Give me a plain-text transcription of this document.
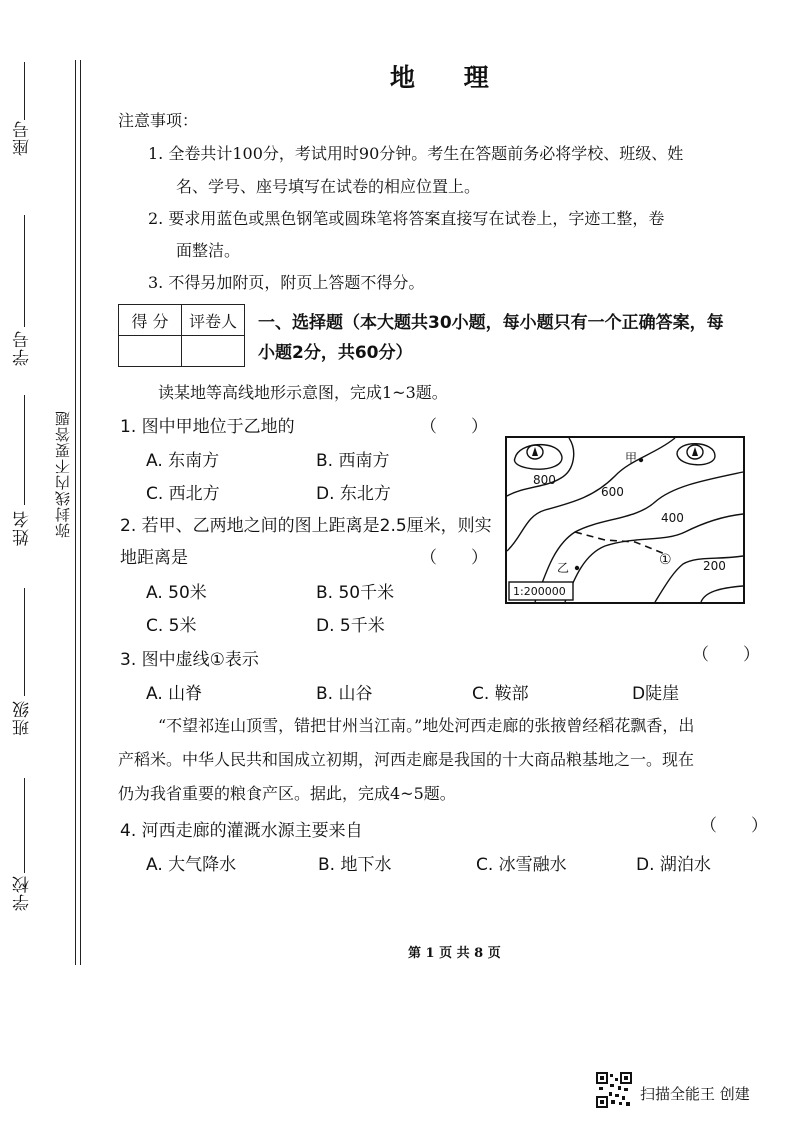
座号
学号
姓名
班级
学校
弥封线内不要答题
地 理
注意事项：
1. 全卷共计100分，考试用时90分钟。考生在答题前务必将学校、班级、姓
名、学号、座号填写在试卷的相应位置上。
2. 要求用蓝色或黑色钢笔或圆珠笔将答案直接写在试卷上，字迹工整，卷
面整洁。
3. 不得另加附页，附页上答题不得分。
得 分	评卷人
	一、选择题（本大题共30小题，每小题只有一个正确答案，每
小题2分，共60分）
读某地等高线地形示意图，完成1~3题。
1. 图中甲地位于乙地的	（　　）
A. 东南方	B. 西南方
C. 西北方	D. 东北方
2. 若甲、乙两地之间的图上距离是2.5厘米，则实
地距离是	（　　）
A. 50米	B. 50千米
C. 5米	D. 5千米
800
600
400
200
甲
乙	①
1:200000
3. 图中虚线①表示	（　　）
A. 山脊	B. 山谷	C. 鞍部	D陡崖
“不望祁连山顶雪，错把甘州当江南。”地处河西走廊的张掖曾经稻花飘香，出
产稻米。中华人民共和国成立初期，河西走廊是我国的十大商品粮基地之一。现在
仍为我省重要的粮食产区。据此，完成4~5题。
4. 河西走廊的灌溉水源主要来自	（　　）
A. 大气降水	B. 地下水	C. 冰雪融水	D. 湖泊水
第 1 页 共 8 页
扫描全能王 创建
